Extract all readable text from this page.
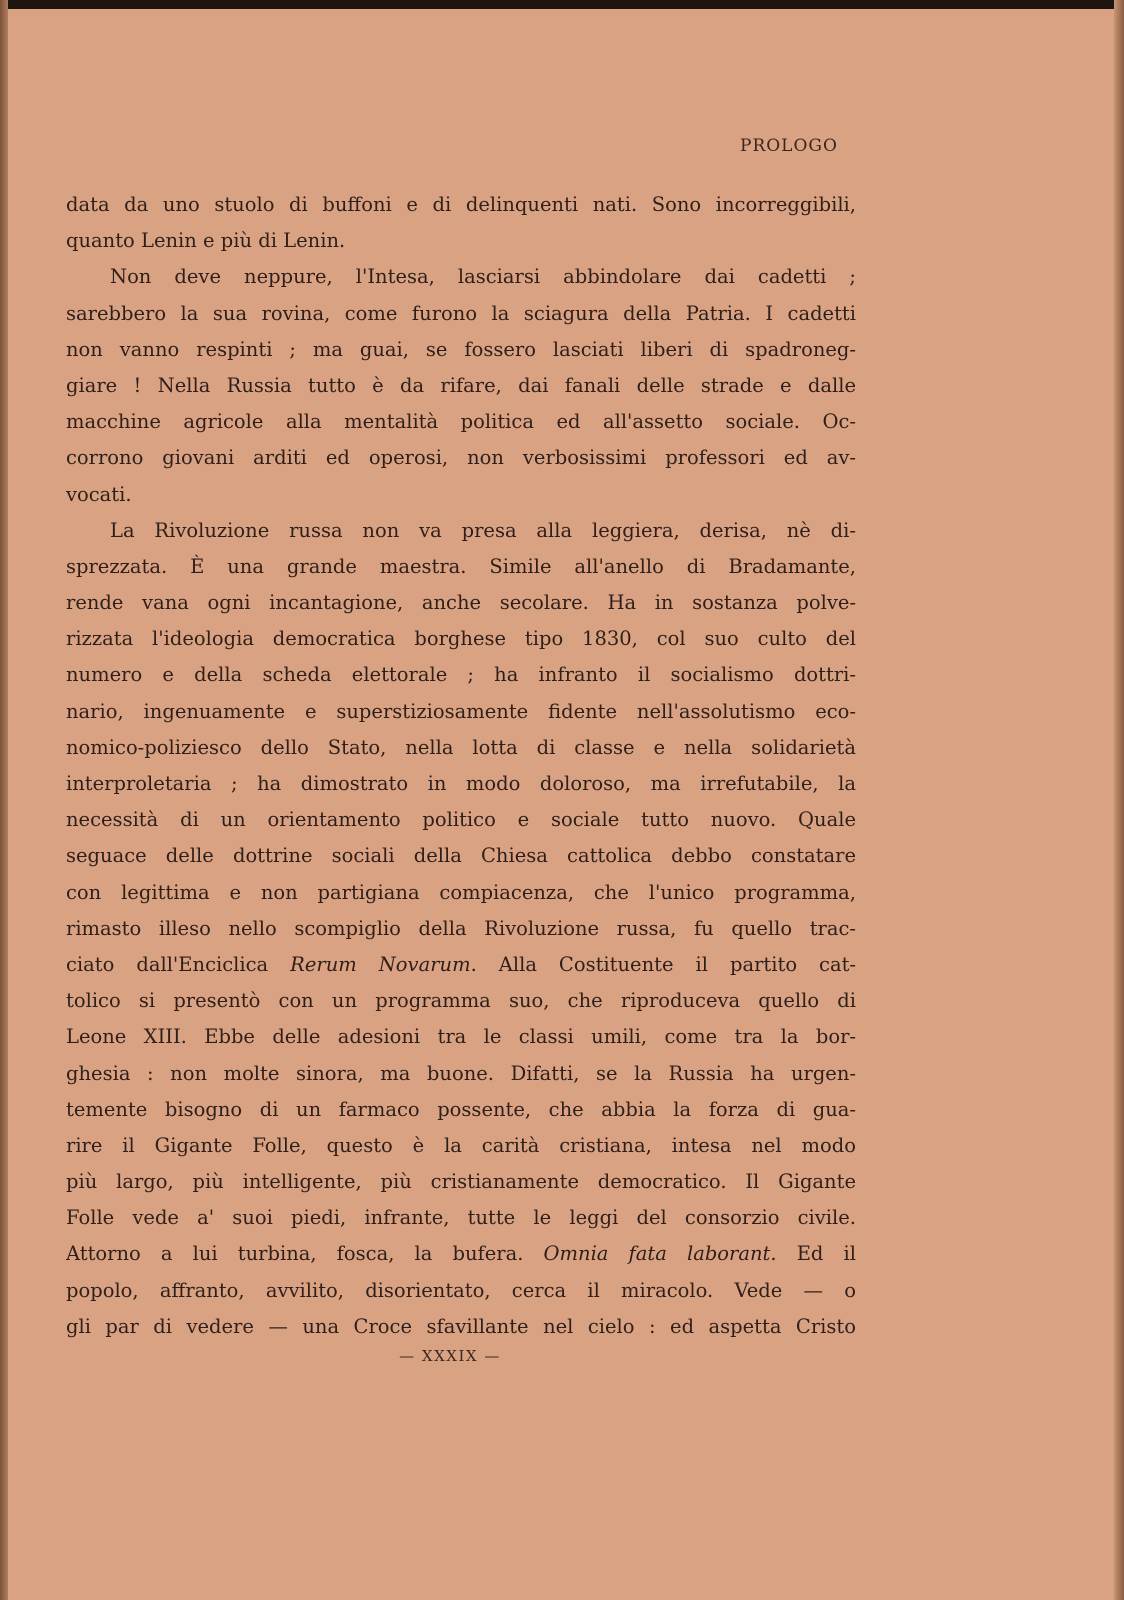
PROLOGO
data da uno stuolo di buffoni e di delinquenti nati. Sono incorreggibili,
quanto Lenin e più di Lenin.
Non deve neppure, l'Intesa, lasciarsi abbindolare dai cadetti ;
sarebbero la sua rovina, come furono la sciagura della Patria. I cadetti
non vanno respinti ; ma guai, se fossero lasciati liberi di spadroneg-
giare ! Nella Russia tutto è da rifare, dai fanali delle strade e dalle
macchine agricole alla mentalità politica ed all'assetto sociale. Oc-
corrono giovani arditi ed operosi, non verbosissimi professori ed av-
vocati.
La Rivoluzione russa non va presa alla leggiera, derisa, nè di-
sprezzata. È una grande maestra. Simile all'anello di Bradamante,
rende vana ogni incantagione, anche secolare. Ha in sostanza polve-
rizzata l'ideologia democratica borghese tipo 1830, col suo culto del
numero e della scheda elettorale ; ha infranto il socialismo dottri-
nario, ingenuamente e superstiziosamente fidente nell'assolutismo eco-
nomico-poliziesco dello Stato, nella lotta di classe e nella solidarietà
interproletaria ; ha dimostrato in modo doloroso, ma irrefutabile, la
necessità di un orientamento politico e sociale tutto nuovo. Quale
seguace delle dottrine sociali della Chiesa cattolica debbo constatare
con legittima e non partigiana compiacenza, che l'unico programma,
rimasto illeso nello scompiglio della Rivoluzione russa, fu quello trac-
ciato dall'Enciclica Rerum Novarum. Alla Costituente il partito cat-
tolico si presentò con un programma suo, che riproduceva quello di
Leone XIII. Ebbe delle adesioni tra le classi umili, come tra la bor-
ghesia : non molte sinora, ma buone. Difatti, se la Russia ha urgen-
temente bisogno di un farmaco possente, che abbia la forza di gua-
rire il Gigante Folle, questo è la carità cristiana, intesa nel modo
più largo, più intelligente, più cristianamente democratico. Il Gigante
Folle vede a' suoi piedi, infrante, tutte le leggi del consorzio civile.
Attorno a lui turbina, fosca, la bufera. Omnia fata laborant. Ed il
popolo, affranto, avvilito, disorientato, cerca il miracolo. Vede — o
gli par di vedere — una Croce sfavillante nel cielo : ed aspetta Cristo
— XXXIX —
